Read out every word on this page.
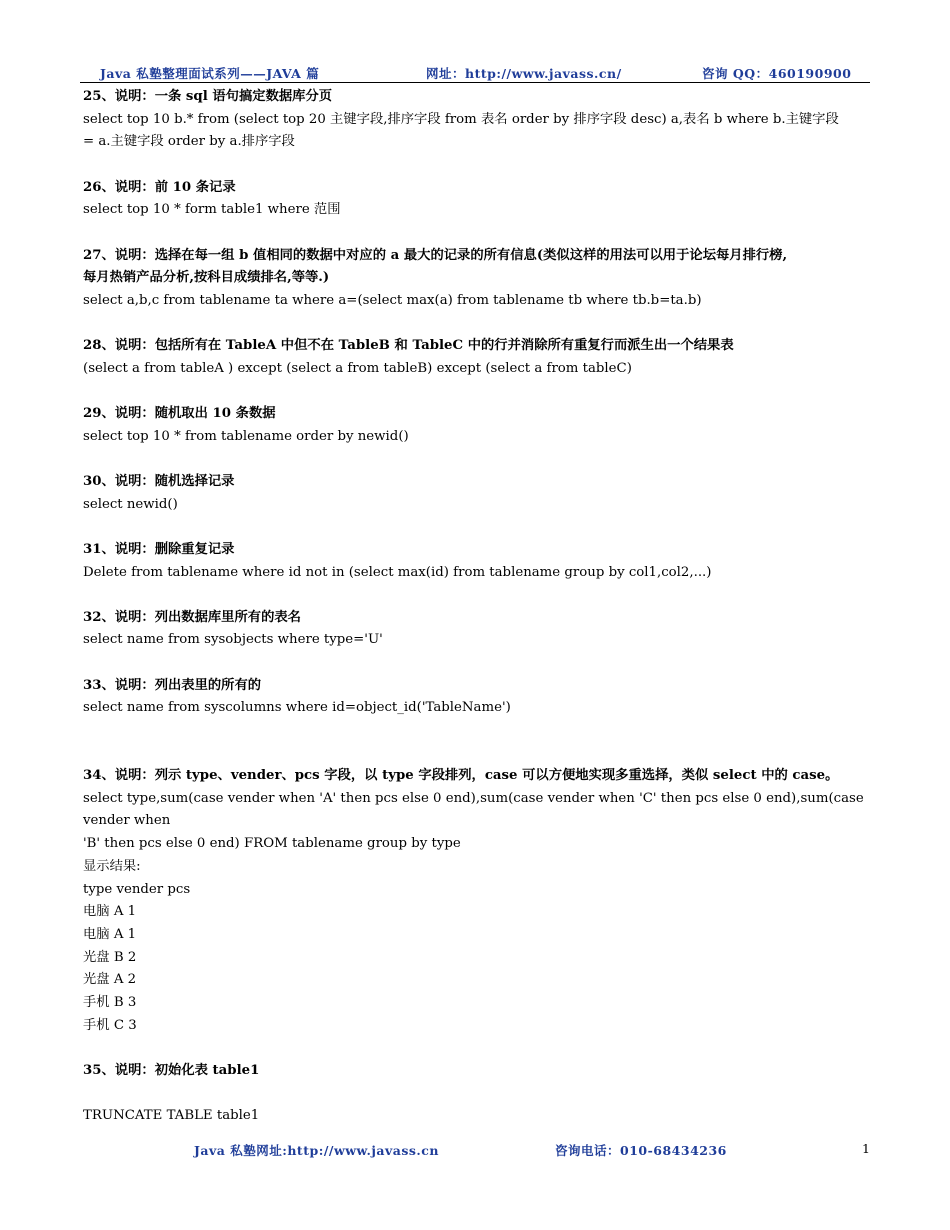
Java 私塾整理面试系列——JAVA 篇	网址：http://www.javass.cn/	咨询 QQ：460190900
25、说明：一条 sql 语句搞定数据库分页
select top 10 b.* from (select top 20 主键字段,排序字段 from 表名 order by 排序字段 desc) a,表名 b where b.主键字段
= a.主键字段 order by a.排序字段
26、说明：前 10 条记录
select top 10 * form table1 where 范围
27、说明：选择在每一组 b 值相同的数据中对应的 a 最大的记录的所有信息(类似这样的用法可以用于论坛每月排行榜,
每月热销产品分析,按科目成绩排名,等等.)
select a,b,c from tablename ta where a=(select max(a) from tablename tb where tb.b=ta.b)
28、说明：包括所有在 TableA 中但不在 TableB 和 TableC 中的行并消除所有重复行而派生出一个结果表
(select a from tableA ) except (select a from tableB) except (select a from tableC)
29、说明：随机取出 10 条数据
select top 10 * from tablename order by newid()
30、说明：随机选择记录
select newid()
31、说明：删除重复记录
Delete from tablename where id not in (select max(id) from tablename group by col1,col2,...)
32、说明：列出数据库里所有的表名
select name from sysobjects where type='U'
33、说明：列出表里的所有的
select name from syscolumns where id=object_id('TableName')
34、说明：列示 type、vender、pcs 字段，以 type 字段排列，case 可以方便地实现多重选择，类似 select 中的 case。
select type,sum(case vender when 'A' then pcs else 0 end),sum(case vender when 'C' then pcs else 0 end),sum(case vender when
'B' then pcs else 0 end) FROM tablename group by type
显示结果:
type vender pcs
电脑 A 1
电脑 A 1
光盘 B 2
光盘 A 2
手机 B 3
手机 C 3
35、说明：初始化表 table1
TRUNCATE TABLE table1
Java 私塾网址:http://www.javass.cn	咨询电话：010-68434236	1
